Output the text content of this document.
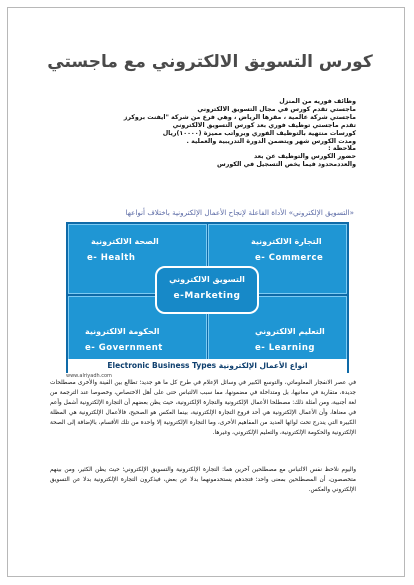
كورس التسويق الالكتروني مع ماجستي
وظائف فوريه من المنزل
ماجستي تقدم كورس في مجال التسويق الالكتروني
ماجستي شركة عالمية ، مقرها الرياض ، وهي فرع من شركة "ايفنت بروكرز
تقدم ماجستي توظيف فوري بعد كورس التسويق الالكتروني
كورسات منتهية بالتوظيف الفوري وبرواتب مميزة (١٠٠٠٠)ريال
ومدت الكورس شهر ويتضمن الدورة التدريبية والعملية .
ملاحظة :
حضور الكورس والتوظيف عن بعد
والعددمحدود فيما يخص التسجيل في الكورس
«التسويق الإلكتروني» الأداة الفاعلة لإنجاح الأعمال الإلكترونية باختلاف أنواعها
الصحة الالكترونية
e- Health
التجارة الالكترونية
e- Commerce
الحكومة الالكترونية
e- Government
التعليم الالكتروني
e- Learning
التسويق الالكتروني
e-Marketing
Electronic Business Types انواع الأعمال الإلكترونية
www.alriyadh.com

في عصر الانفجار المعلوماتي، والتوسع الكبير في وسائل الإعلام في طرح كل ما هو جديد؛ تطالع بين الفينة والأخرى مصطلحات جديدة، متقاربة في معانيها، بل ومتداخلة في مضمونها، مما سبب الالتباس حتى على أهل الاختصاص، وخصوصا عند الترجمة من لغة أجنبية، ومن أمثلة ذلك: مصطلحا الأعمال الإلكترونية والتجارة الإلكترونية، حيث يظن بعضهم أن التجارة الإلكترونية أشمل وأعم في معناها، وأن الأعمال الإلكترونية هي أحد فروع التجارة الإلكترونية، بينما العكس هو الصحيح، فالأعمال الإلكترونية هي المظلة الكبيرة التي يندرج تحت لوائها العديد من المفاهيم الأخرى، وما التجارة الإلكترونية إلا واحدة من تلك الأقسام، بالإضافة إلى الصحة الإلكترونية والحكومة الإلكترونية، والتعليم الإلكتروني، وغيرها.

واليوم نلاحظ نفس الالتباس مع مصطلحين آخرين هما: التجارة الإلكترونية والتسويق الإلكتروني؛ حيث يظن الكثير، ومن بينهم متخصصون، أن المصطلحين بمعنى واحد؛ فتجدهم يستخدمونهما بدلا عن بعض، فيذكرون التجارة الإلكترونية بدلا عن التسويق الإلكتروني والعكس.
